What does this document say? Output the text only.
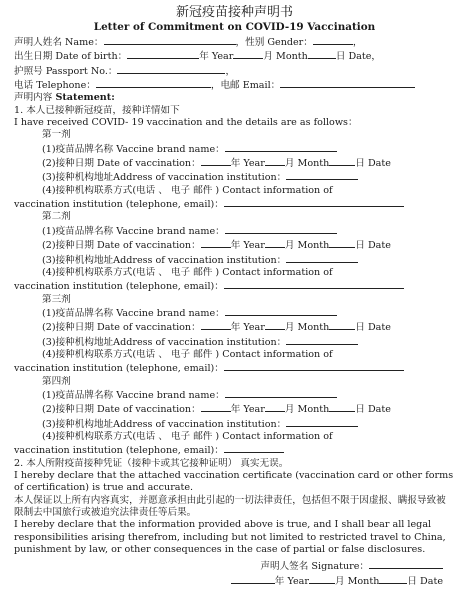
新冠疫苗接种声明书
Letter of Commitment on COVID-19 Vaccination
声明人姓名 Name：	，性别 Gender：	，
出生日期 Date of birth：	年 Year	月 Month	日 Date，
护照号 Passport No.：	，
电话 Telephone：	，电邮 Email：
声明内容 Statement:
1. 本人已接种新冠疫苗，接种详情如下
I have received COVID- 19 vaccination and the details are as follows：
第一剂
(1)疫苗品牌名称 Vaccine brand name：
(2)接种日期 Date of vaccination：	年 Year 月 Month	日 Date
(3)接种机构地址Address of vaccination institution：
(4)接种机构联系方式(电话 、 电子 邮件 ) Contact information of
vaccination institution (telephone, email)：
第二剂
(1)疫苗品牌名称 Vaccine brand name：
(2)接种日期 Date of vaccination：	年 Year 月 Month	日 Date
(3)接种机构地址Address of vaccination institution：
(4)接种机构联系方式(电话 、 电子 邮件 ) Contact information of
vaccination institution (telephone, email)：
第三剂
(1)疫苗品牌名称 Vaccine brand name：
(2)接种日期 Date of vaccination：	年 Year 月 Month	日 Date
(3)接种机构地址Address of vaccination institution：
(4)接种机构联系方式(电话 、 电子 邮件 ) Contact information of
vaccination institution (telephone, email)：
第四剂
(1)疫苗品牌名称 Vaccine brand name：
(2)接种日期 Date of vaccination：	年 Year 月 Month	日 Date
(3)接种机构地址Address of vaccination institution：
(4)接种机构联系方式(电话 、 电子 邮件 ) Contact information of
vaccination institution (telephone, email)：
2. 本人所附疫苗接种凭证（接种卡或其它接种证明） 真实无误。
I hereby declare that the attached vaccination certificate (vaccination card or other forms of certification) is true and accurate.
本人保证以上所有内容真实，并愿意承担由此引起的一切法律责任，包括但不限于因虚报、瞒报导致被限制去中国旅行或被追究法律责任等后果。
I hereby declare that the information provided above is true, and I shall bear all legal responsibilities arising therefrom, including but not limited to restricted travel to China, punishment by law, or other consequences in the case of partial or false disclosures.
声明人签名 Signature：
年 Year	月 Month	日 Date
